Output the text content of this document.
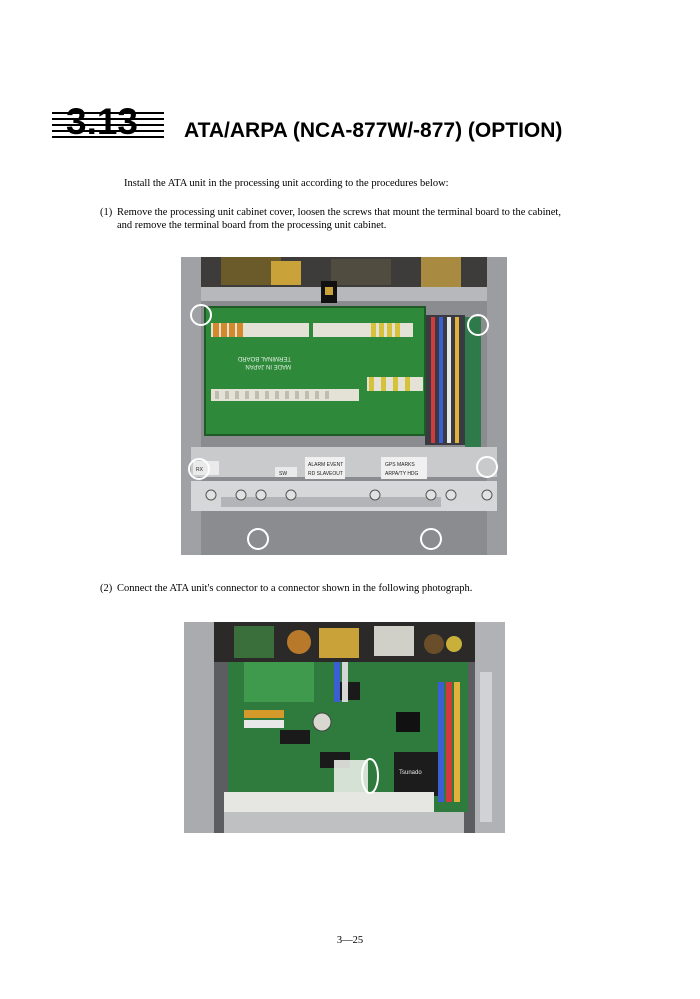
3.13 ATA/ARPA (NCA-877W/-877) (OPTION)
Install the ATA unit in the processing unit according to the procedures below:
(1) Remove the processing unit cabinet cover, loosen the screws that mount the terminal board to the cabinet,
and remove the terminal board from the processing unit cabinet.
TERMINAL BOARD
MADE IN JAPAN
ALARM EVENT
RD SLAVEOUT
GPS MARKS
ARPA/TY HDG
RX
SW
(2) Connect the ATA unit's connector to a connector shown in the following photograph.
Tsunado
3—25
